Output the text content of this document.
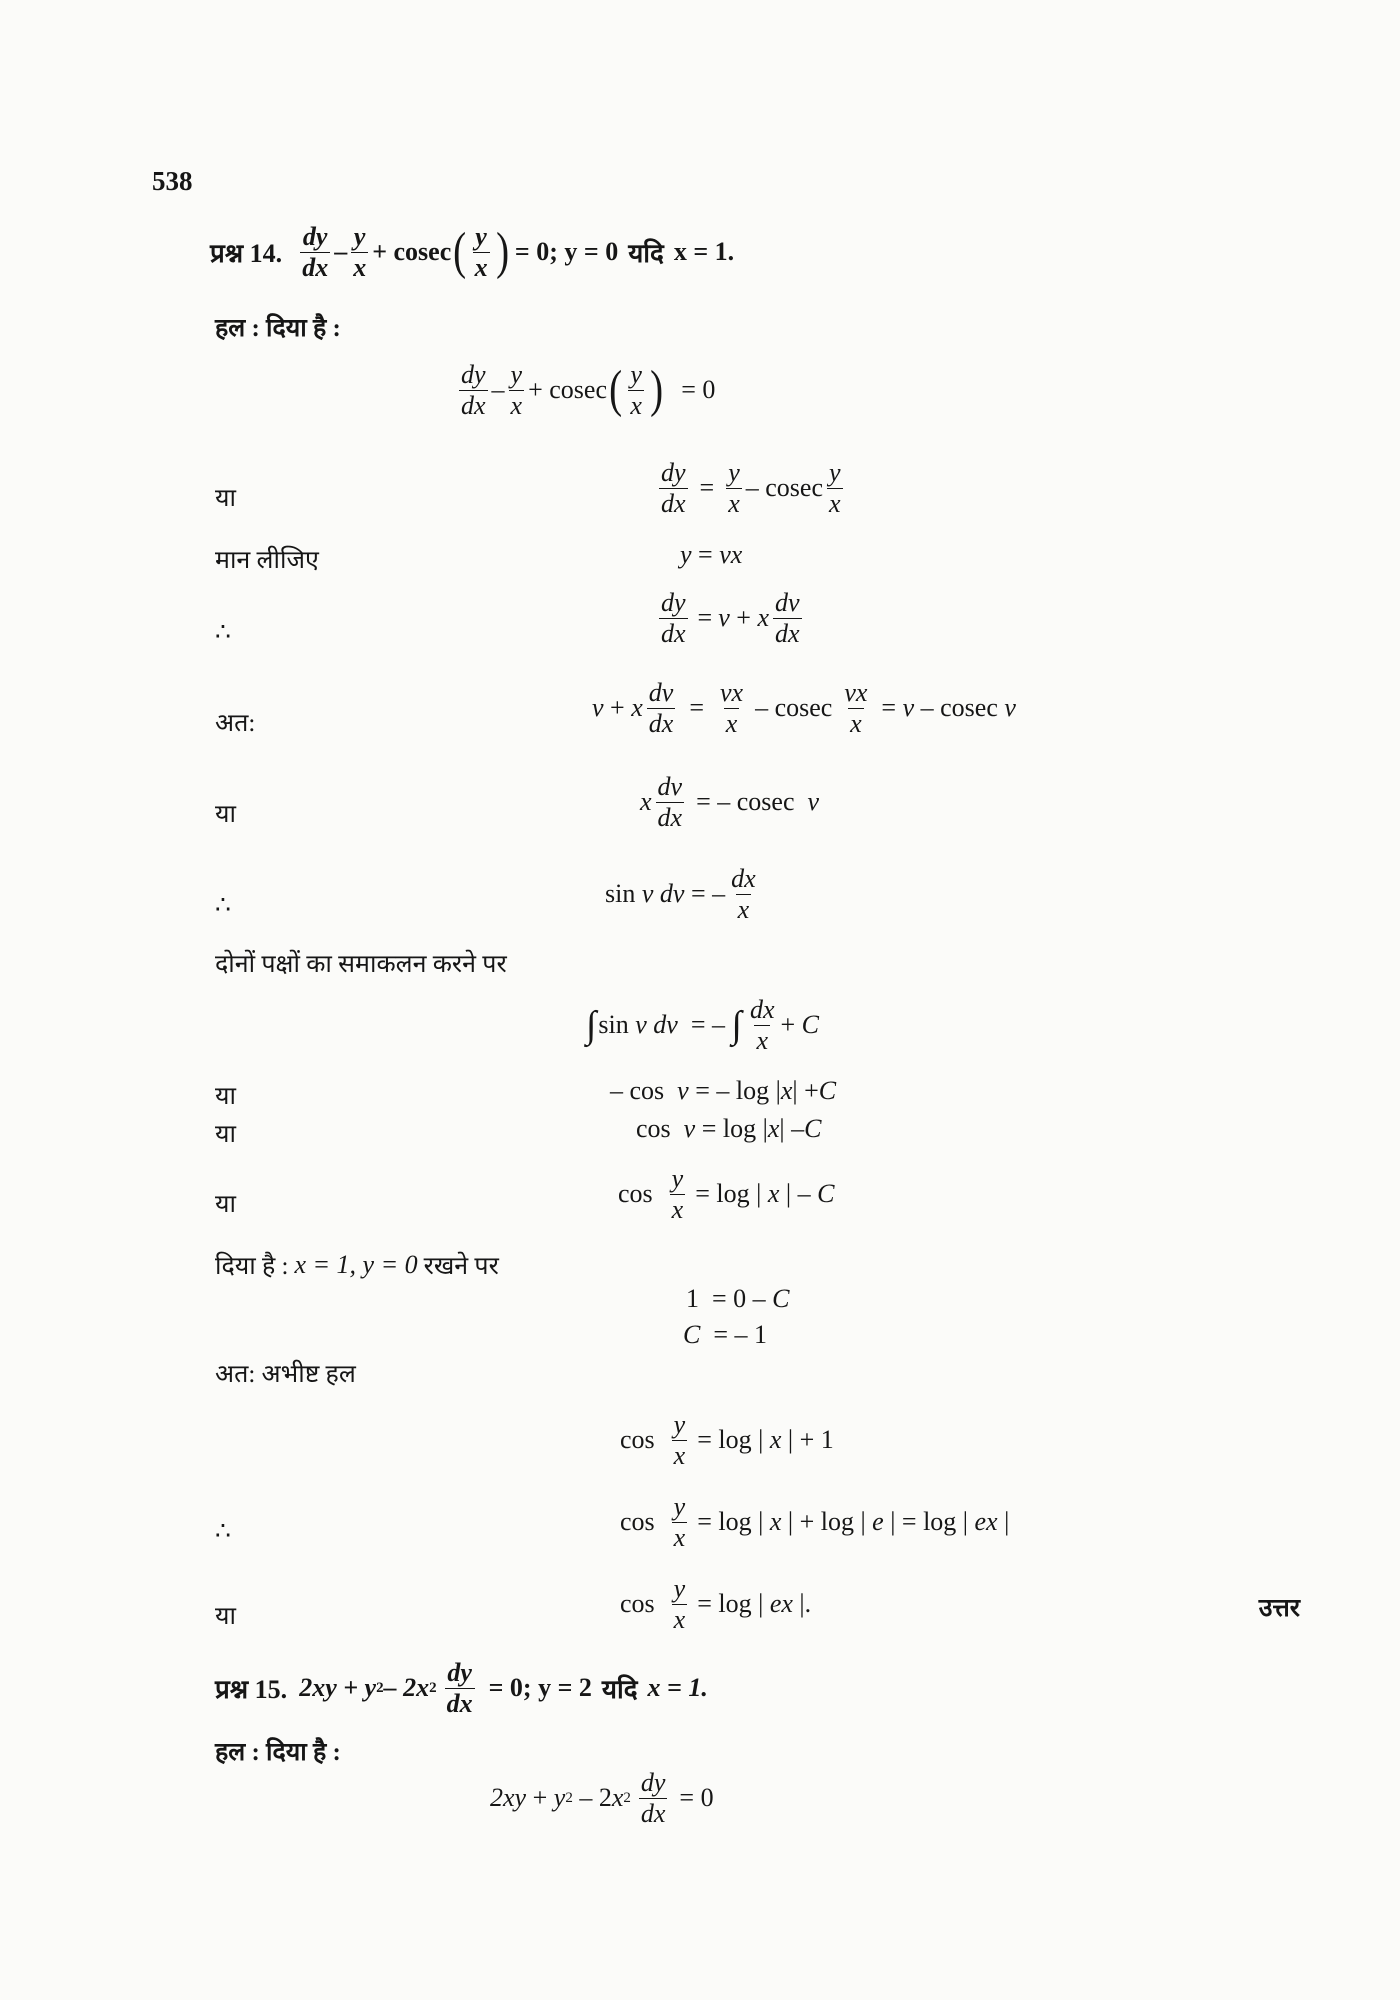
538
प्रश्न 14. $\frac{dy}{dx} - \frac{y}{x} + cosec$ ( $\frac{y}{x}$ ) = 0; y = 0 यदि x = 1.
हल : दिया है :
$\frac{dy}{dx} - \frac{y}{x} + cosec$ ( $\frac{y}{x}$ ) = 0
या	$\frac{dy}{dx} = \frac{y}{x} - cosec \frac{y}{x}$
मान लीजिए	y = vx
∴	$\frac{dy}{dx} = v + x \frac{dv}{dx}$
अत:
v + x $\frac{dv}{dx} = \frac{vx}{x} - cosec \frac{vx}{x} = v - cosec$ v
या	x $\frac{dv}{dx}$ = – cosec  v
∴	sin v dv = – $\frac{dx}{x}$
दोनों पक्षों का समाकलन करने पर
∫ sin v dv = – ∫ $\frac{dx}{x} + C$
या	– cos v = – log | x | + C
या	cos v = log | x | – C
या	$\cos \frac{y}{x} = \log$ | x | – C
दिया है : x = 1, y = 0 रखने पर
1  = 0 – C
C = – 1
अत: अभीष्ट हल
$\cos \frac{y}{x} = \log$ | x | + 1
∴	$\cos \frac{y}{x} = \log$ | x | + log | e | = log | ex |
या	$\cos \frac{y}{x} = \log$ | ex |.	उत्तर
प्रश्न 15. 2xy + y 2 – 2x $2 \frac{dy}{dx} = 0$; y = 2 यदि x = 1.
हल : दिया है :
2xy + y 2 – 2 x $2 \frac{dy}{dx} = 0$
